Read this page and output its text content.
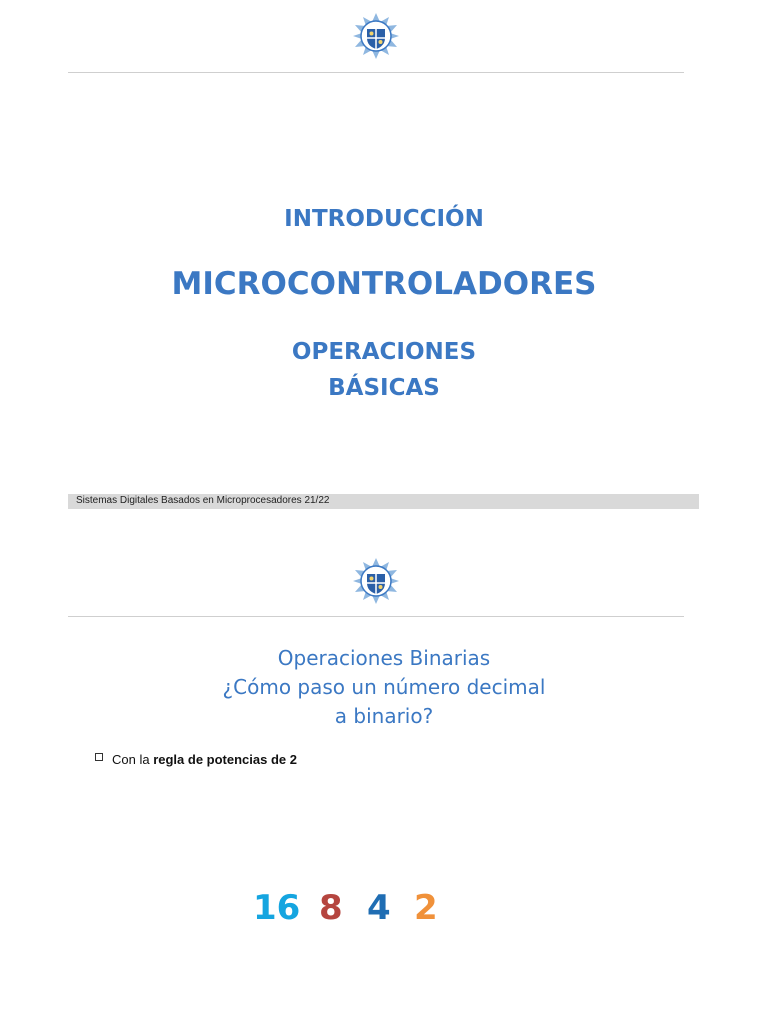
INTRODUCCIÓN
MICROCONTROLADORES
OPERACIONES
BÁSICAS
Sistemas Digitales Basados en Microprocesadores 21/22
Operaciones Binarias
¿Cómo paso un número decimal
a binario?
Con la regla de potencias de 2
16 8 4 2
